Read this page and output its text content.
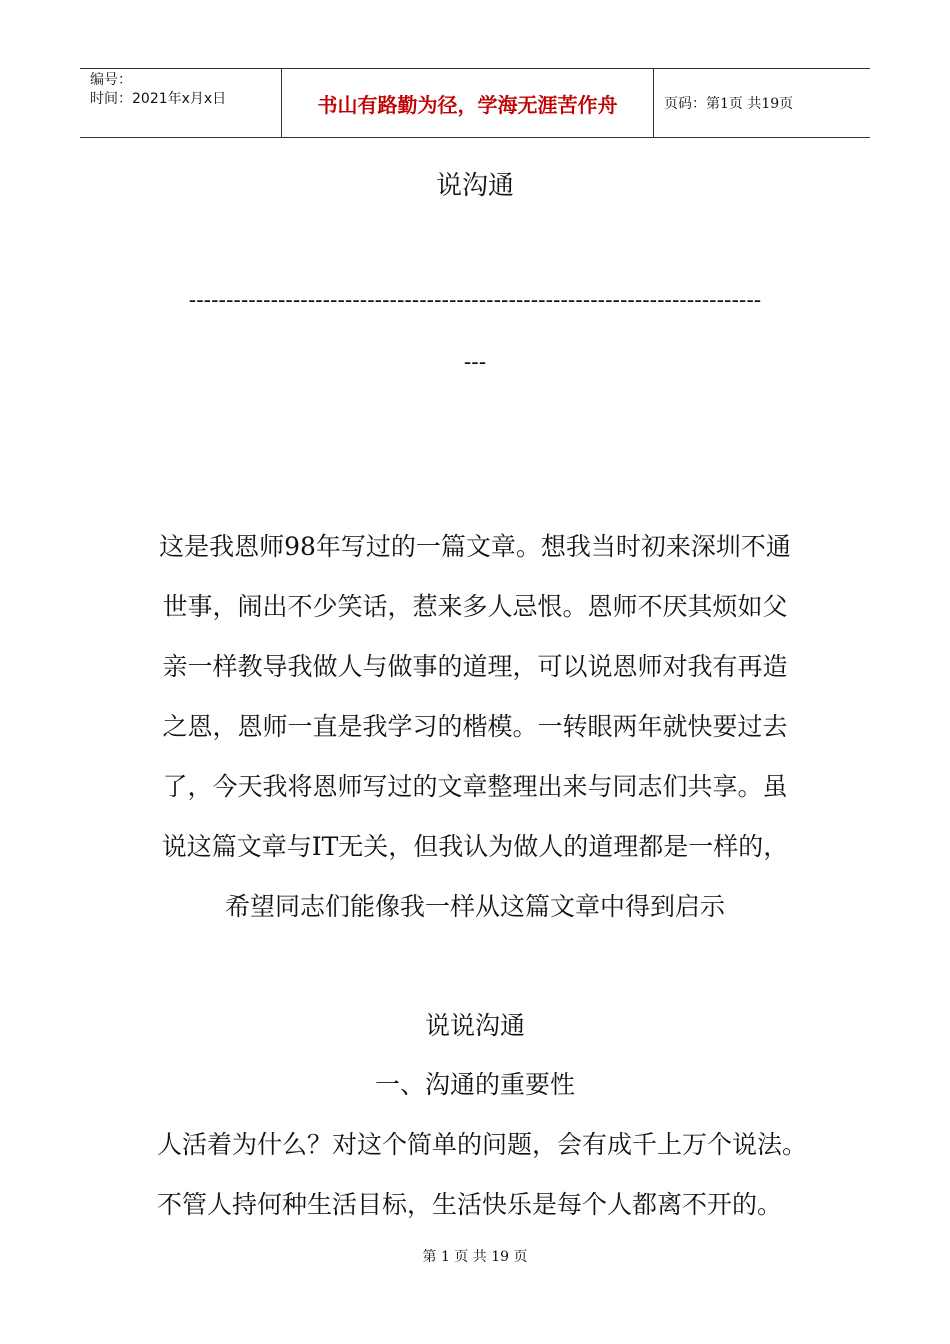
编号：
时间：2021年x月x日	书山有路勤为径，学海无涯苦作舟	页码：第1页 共19页
说沟通
-----------------------------------------------------------------------------
---
这是我恩师98年写过的一篇文章。想我当时初来深圳不通
世事，闹出不少笑话，惹来多人忌恨。恩师不厌其烦如父
亲一样教导我做人与做事的道理，可以说恩师对我有再造
之恩，恩师一直是我学习的楷模。一转眼两年就快要过去
了，今天我将恩师写过的文章整理出来与同志们共享。虽
说这篇文章与IT无关，但我认为做人的道理都是一样的，
希望同志们能像我一样从这篇文章中得到启示
说说沟通
一、沟通的重要性
人活着为什么？对这个简单的问题，会有成千上万个说法。
不管人持何种生活目标，生活快乐是每个人都离不开的。
第 1 页 共 19 页
